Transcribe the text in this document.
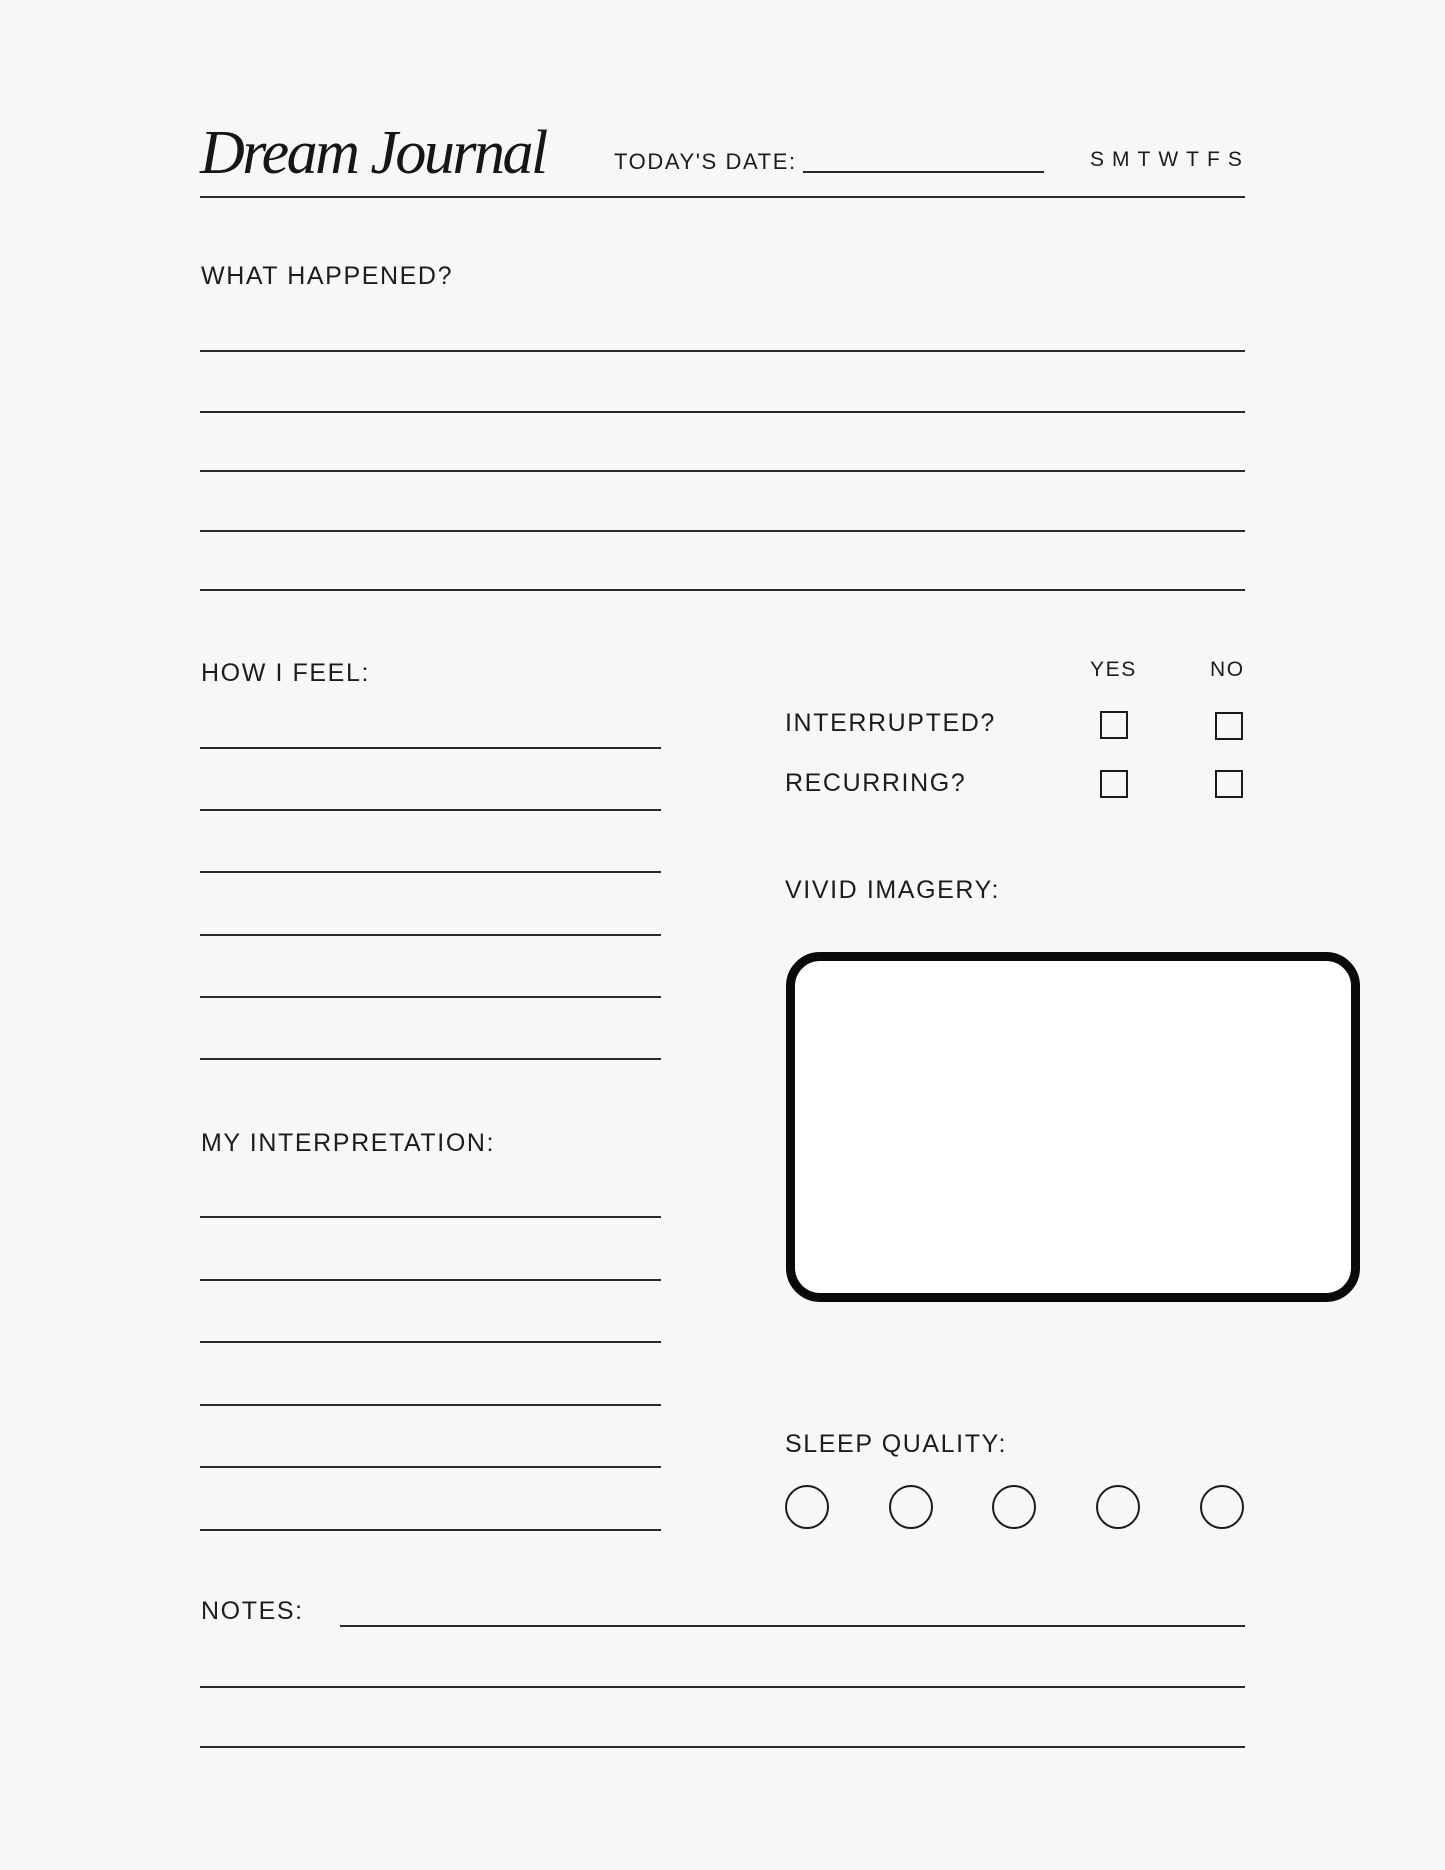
Dream Journal	TODAY'S DATE:	S M T W T F S
WHAT HAPPENED?
HOW I FEEL:
MY INTERPRETATION:
YES	NO
INTERRUPTED?
RECURRING?
VIVID IMAGERY:
SLEEP QUALITY:
NOTES:
